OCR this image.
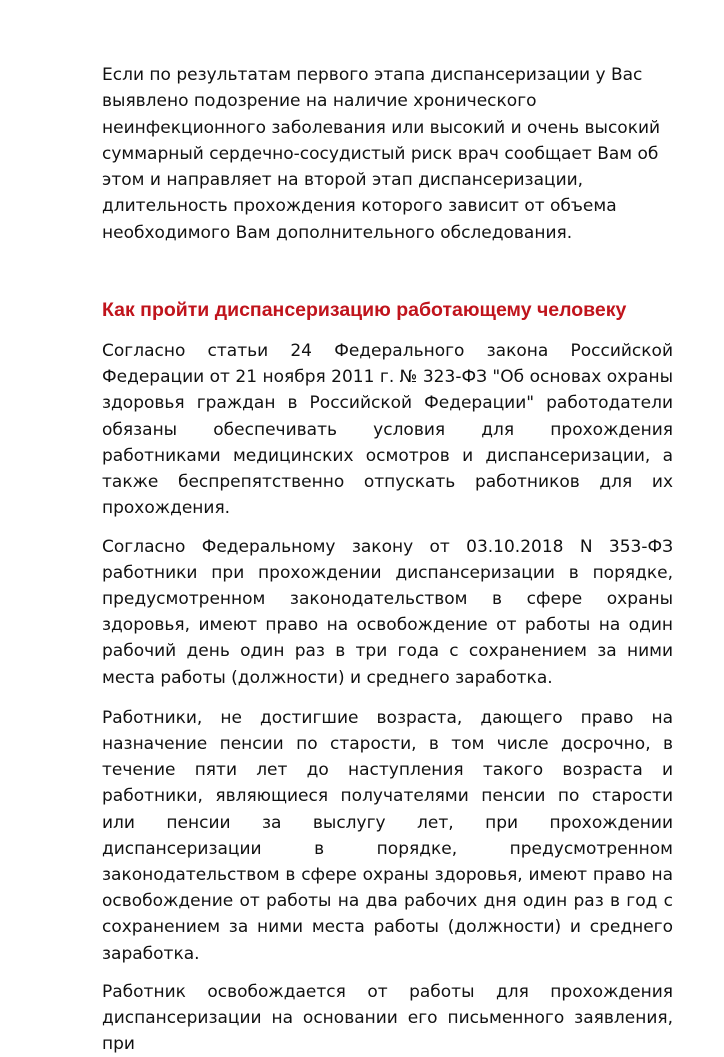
Если по результатам первого этапа диспансеризации у Вас выявлено подозрение на наличие хронического неинфекционного заболевания или высокий и очень высокий суммарный сердечно-сосудистый риск врач сообщает Вам об этом и направляет на второй этап диспансеризации, длительность прохождения которого зависит от объема необходимого Вам дополнительного обследования.

Как пройти диспансеризацию работающему человеку

Согласно статьи 24 Федерального закона Российской Федерации от 21 ноября 2011 г. № 323-ФЗ "Об основах охраны здоровья граждан в Российской Федерации" работодатели обязаны обеспечивать условия для прохождения работниками медицинских осмотров и диспансеризации, а также беспрепятственно отпускать работников для их прохождения.

Согласно Федеральному закону от 03.10.2018 N 353-ФЗ работники при прохождении диспансеризации в порядке, предусмотренном законодательством в сфере охраны здоровья, имеют право на освобождение от работы на один рабочий день один раз в три года с сохранением за ними места работы (должности) и среднего заработка.

Работники, не достигшие возраста, дающего право на назначение пенсии по старости, в том числе досрочно, в течение пяти лет до наступления такого возраста и работники, являющиеся получателями пенсии по старости или пенсии за выслугу лет, при прохождении диспансеризации в порядке, предусмотренном законодательством в сфере охраны здоровья, имеют право на освобождение от работы на два рабочих дня один раз в год с сохранением за ними места работы (должности) и среднего заработка.

Работник освобождается от работы для прохождения диспансеризации на основании его письменного заявления, при
